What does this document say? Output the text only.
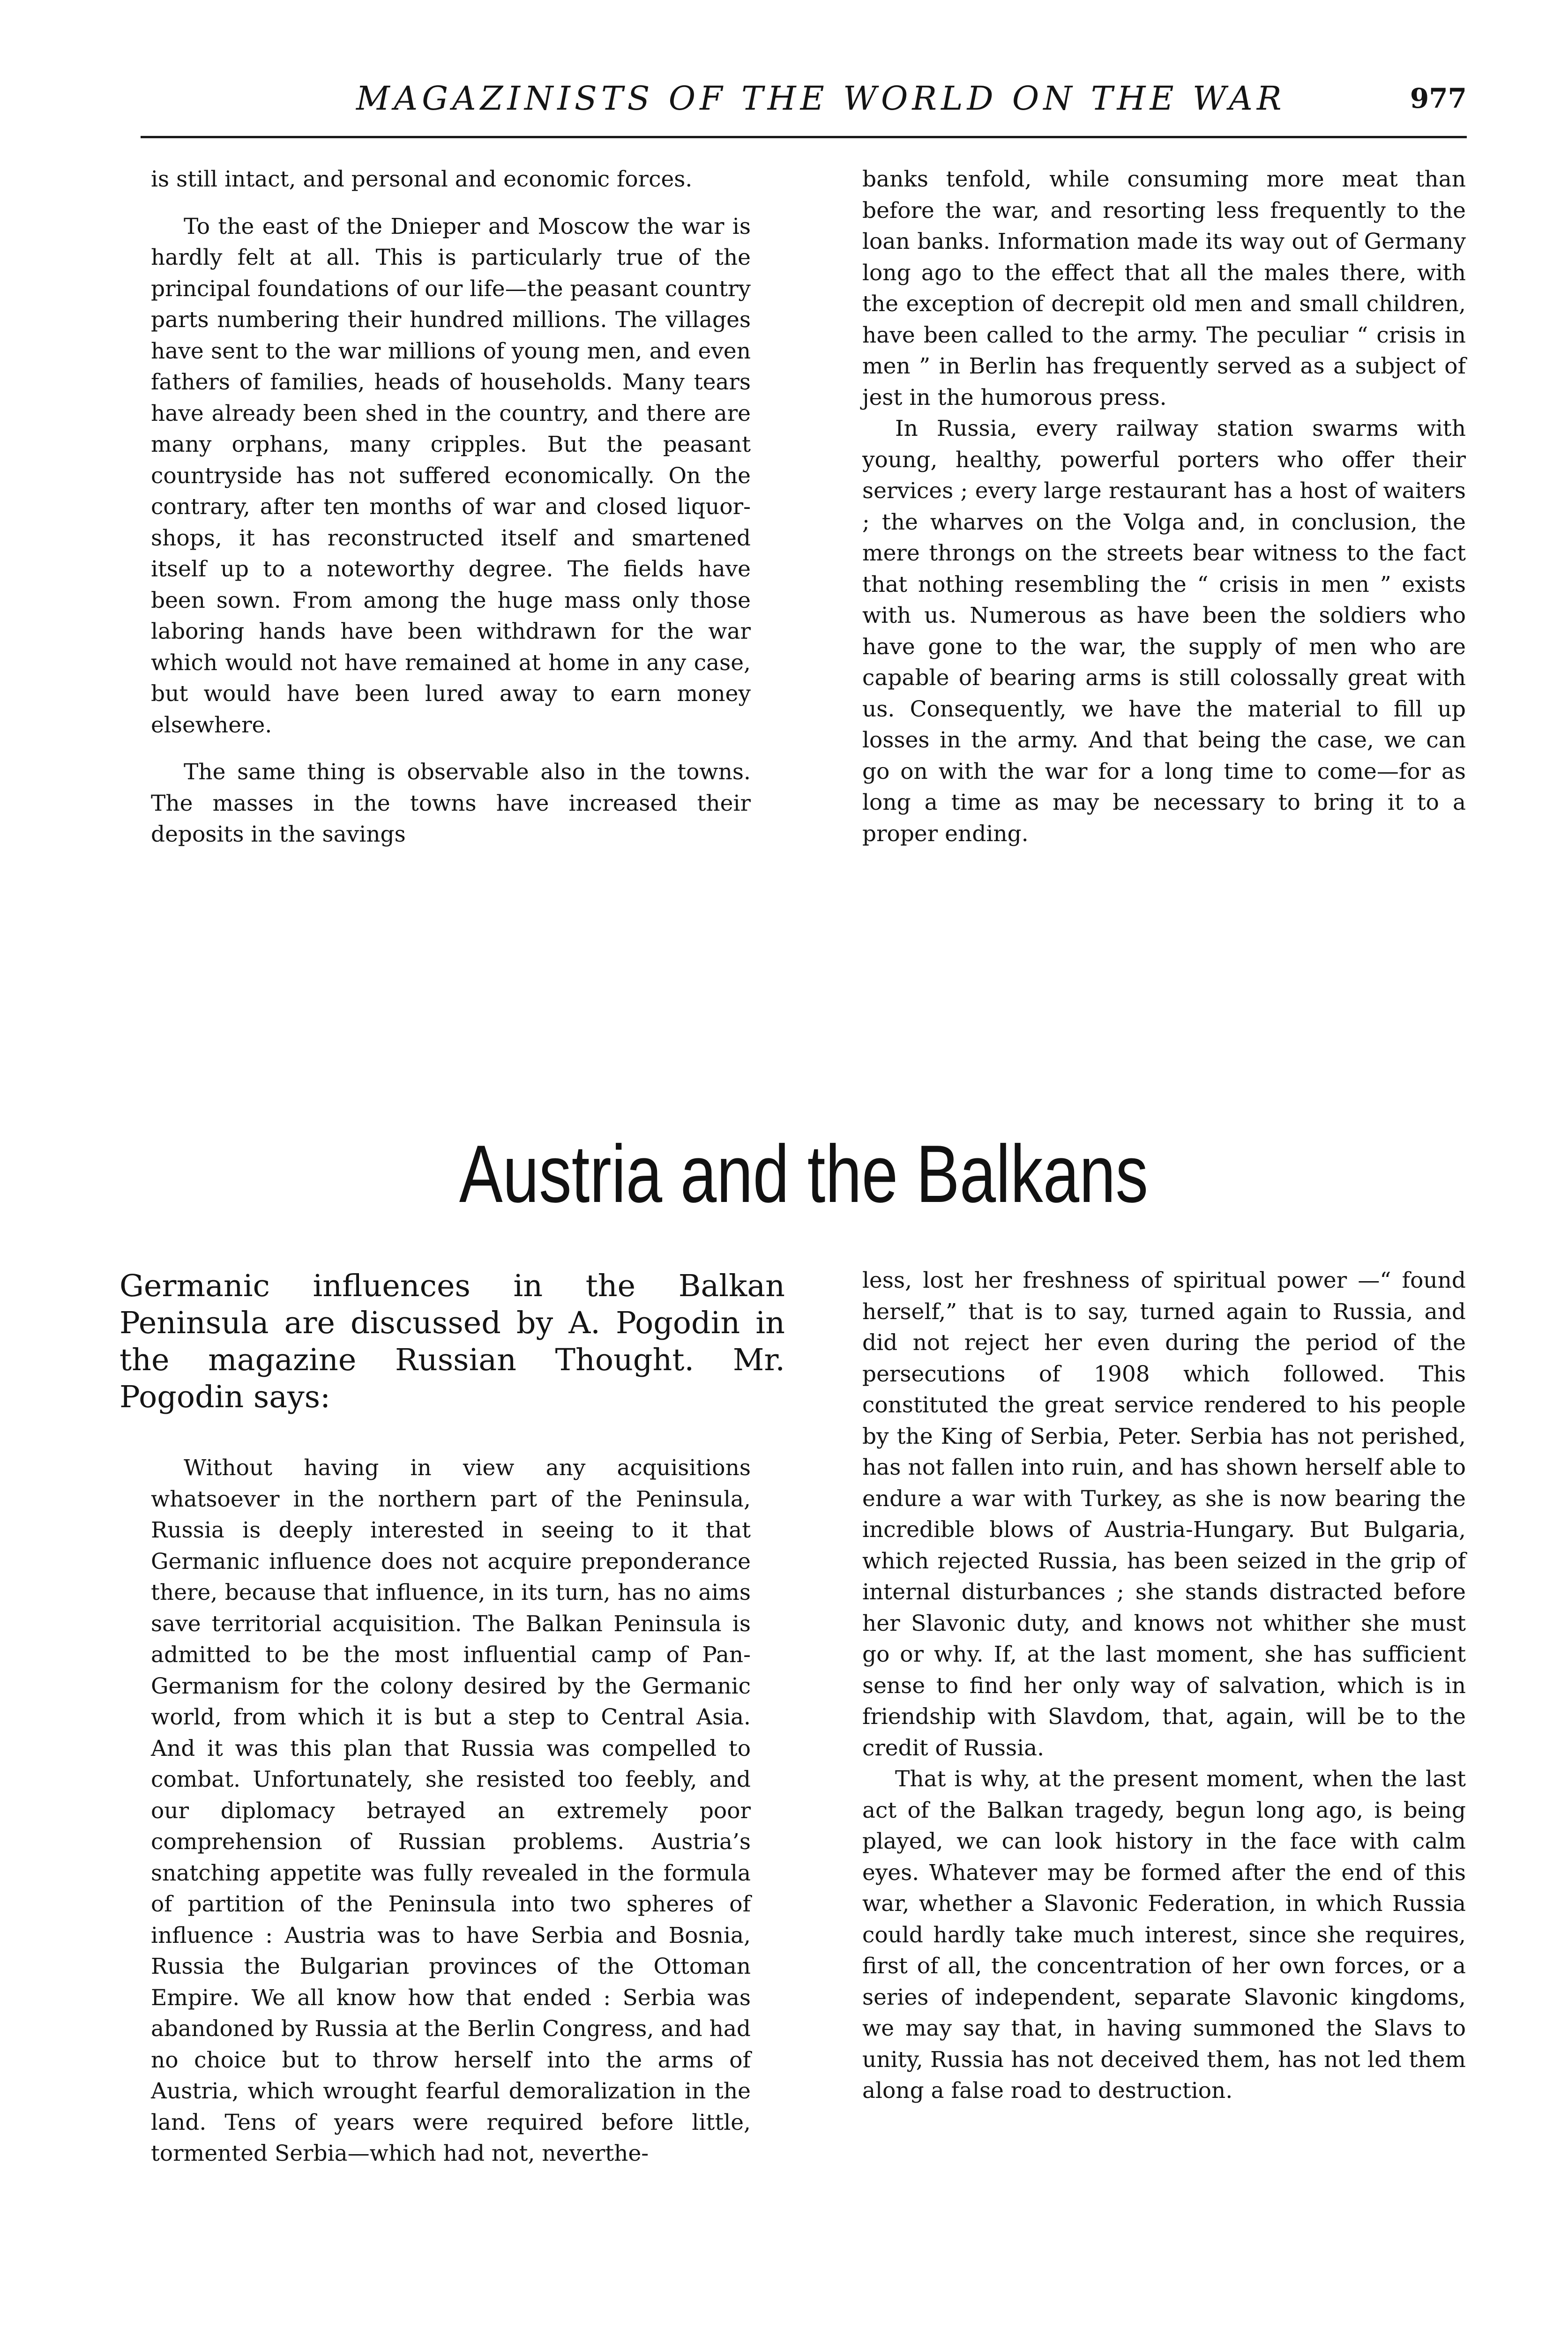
MAGAZINISTS OF THE WORLD ON THE WAR	977

is still intact, and personal and economic forces.

To the east of the Dnieper and Moscow the war is hardly felt at all. This is particularly true of the principal foundations of our life—the peasant country parts numbering their hundred millions. The villages have sent to the war millions of young men, and even fathers of families, heads of households. Many tears have already been shed in the country, and there are many orphans, many cripples. But the peasant countryside has not suffered economically. On the contrary, after ten months of war and closed liquor-shops, it has reconstructed itself and smartened itself up to a noteworthy degree. The fields have been sown. From among the huge mass only those laboring hands have been withdrawn for the war which would not have remained at home in any case, but would have been lured away to earn money elsewhere.

The same thing is observable also in the towns. The masses in the towns have increased their deposits in the savings

banks tenfold, while consuming more meat than before the war, and resorting less frequently to the loan banks. Information made its way out of Germany long ago to the effect that all the males there, with the exception of decrepit old men and small children, have been called to the army. The peculiar “ crisis in men ” in Berlin has frequently served as a subject of jest in the humorous press.

In Russia, every railway station swarms with young, healthy, powerful porters who offer their services ; every large restaurant has a host of waiters ; the wharves on the Volga and, in conclusion, the mere throngs on the streets bear witness to the fact that nothing resembling the “ crisis in men ” exists with us. Numerous as have been the soldiers who have gone to the war, the supply of men who are capable of bearing arms is still colossally great with us. Consequently, we have the material to fill up losses in the army. And that being the case, we can go on with the war for a long time to come—for as long a time as may be necessary to bring it to a proper ending.

Austria and the Balkans
Germanic influences in the Balkan Peninsula are discussed by A. Pogodin in the magazine Russian Thought. Mr. Pogodin says:

Without having in view any acquisitions whatsoever in the northern part of the Peninsula, Russia is deeply interested in seeing to it that Germanic influence does not acquire preponderance there, because that influence, in its turn, has no aims save territorial acquisition. The Balkan Peninsula is admitted to be the most influential camp of Pan-Germanism for the colony desired by the Germanic world, from which it is but a step to Central Asia. And it was this plan that Russia was compelled to combat. Unfortunately, she resisted too feebly, and our diplomacy betrayed an extremely poor comprehension of Russian problems. Austria’s snatching appetite was fully revealed in the formula of partition of the Peninsula into two spheres of influence : Austria was to have Serbia and Bosnia, Russia the Bulgarian provinces of the Ottoman Empire. We all know how that ended : Serbia was abandoned by Russia at the Berlin Congress, and had no choice but to throw herself into the arms of Austria, which wrought fearful demoralization in the land. Tens of years were required before little, tormented Serbia—which had not, neverthe-

less, lost her freshness of spiritual power —“ found herself,” that is to say, turned again to Russia, and did not reject her even during the period of the persecutions of 1908 which followed. This constituted the great service rendered to his people by the King of Serbia, Peter. Serbia has not perished, has not fallen into ruin, and has shown herself able to endure a war with Turkey, as she is now bearing the incredible blows of Austria-Hungary. But Bulgaria, which rejected Russia, has been seized in the grip of internal disturbances ; she stands distracted before her Slavonic duty, and knows not whither she must go or why. If, at the last moment, she has sufficient sense to find her only way of salvation, which is in friendship with Slavdom, that, again, will be to the credit of Russia.

That is why, at the present moment, when the last act of the Balkan tragedy, begun long ago, is being played, we can look history in the face with calm eyes. Whatever may be formed after the end of this war, whether a Slavonic Federation, in which Russia could hardly take much interest, since she requires, first of all, the concentration of her own forces, or a series of independent, separate Slavonic kingdoms, we may say that, in having summoned the Slavs to unity, Russia has not deceived them, has not led them along a false road to destruction.
